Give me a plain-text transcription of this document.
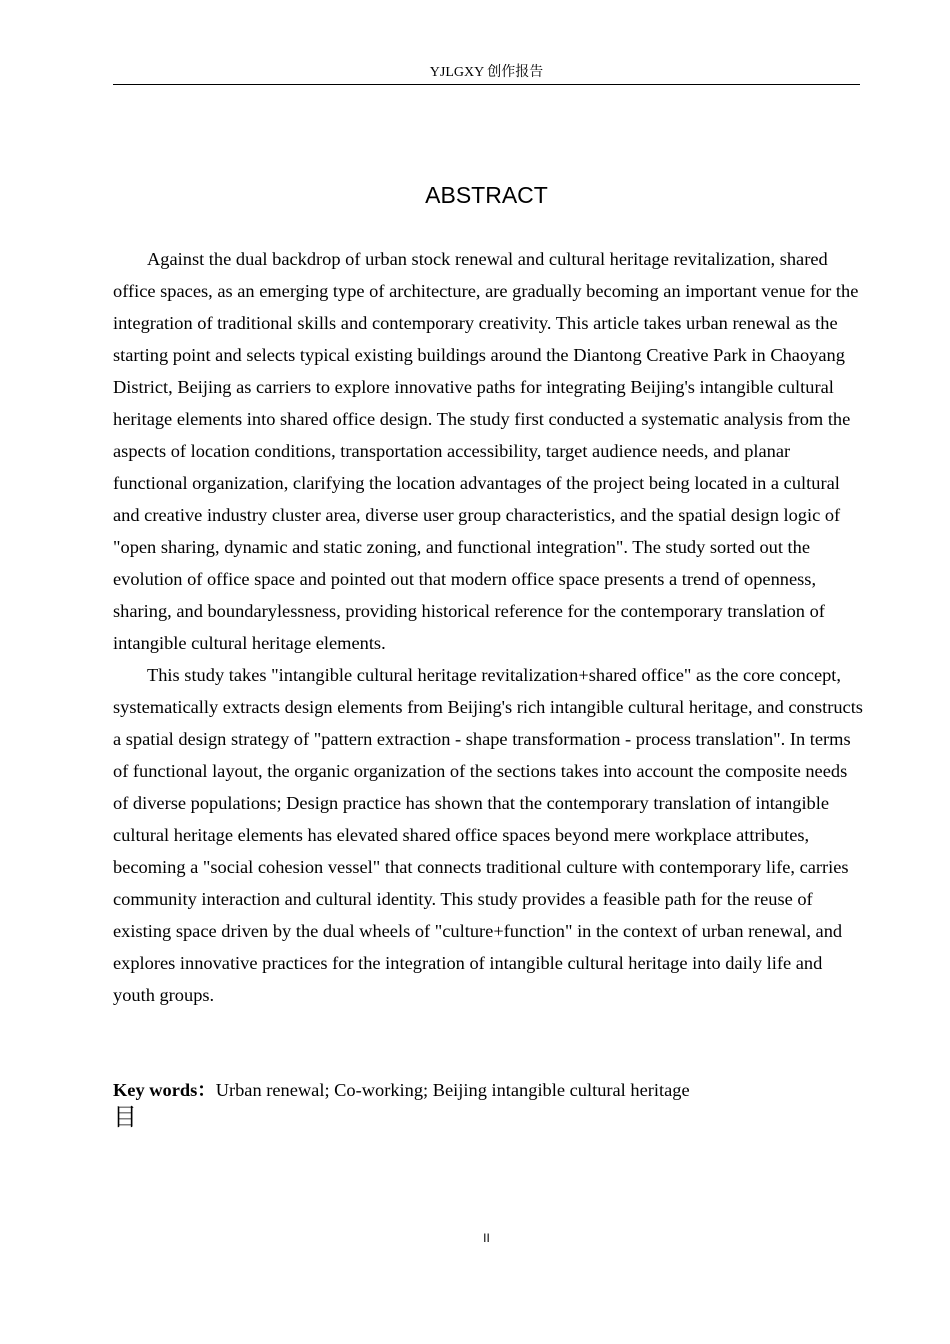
YJLGXY 创作报告
ABSTRACT

Against the dual backdrop of urban stock renewal and cultural heritage revitalization, shared office spaces, as an emerging type of architecture, are gradually becoming an important venue for the integration of traditional skills and contemporary creativity. This article takes urban renewal as the starting point and selects typical existing buildings around the Diantong Creative Park in Chaoyang District, Beijing as carriers to explore innovative paths for integrating Beijing's intangible cultural heritage elements into shared office design. The study first conducted a systematic analysis from the aspects of location conditions, transportation accessibility, target audience needs, and planar functional organization, clarifying the location advantages of the project being located in a cultural and creative industry cluster area, diverse user group characteristics, and the spatial design logic of "open sharing, dynamic and static zoning, and functional integration". The study sorted out the evolution of office space and pointed out that modern office space presents a trend of openness, sharing, and boundarylessness, providing historical reference for the contemporary translation of intangible cultural heritage elements.

This study takes "intangible cultural heritage revitalization+shared office" as the core concept, systematically extracts design elements from Beijing's rich intangible cultural heritage, and constructs a spatial design strategy of "pattern extraction - shape transformation - process translation". In terms of functional layout, the organic organization of the sections takes into account the composite needs of diverse populations; Design practice has shown that the contemporary translation of intangible cultural heritage elements has elevated shared office spaces beyond mere workplace attributes, becoming a "social cohesion vessel" that connects traditional culture with contemporary life, carries community interaction and cultural identity. This study provides a feasible path for the reuse of existing space driven by the dual wheels of "culture+function" in the context of urban renewal, and explores innovative practices for the integration of intangible cultural heritage into daily life and youth groups.

Key words：Urban renewal; Co-working; Beijing intangible cultural heritage
目
II
